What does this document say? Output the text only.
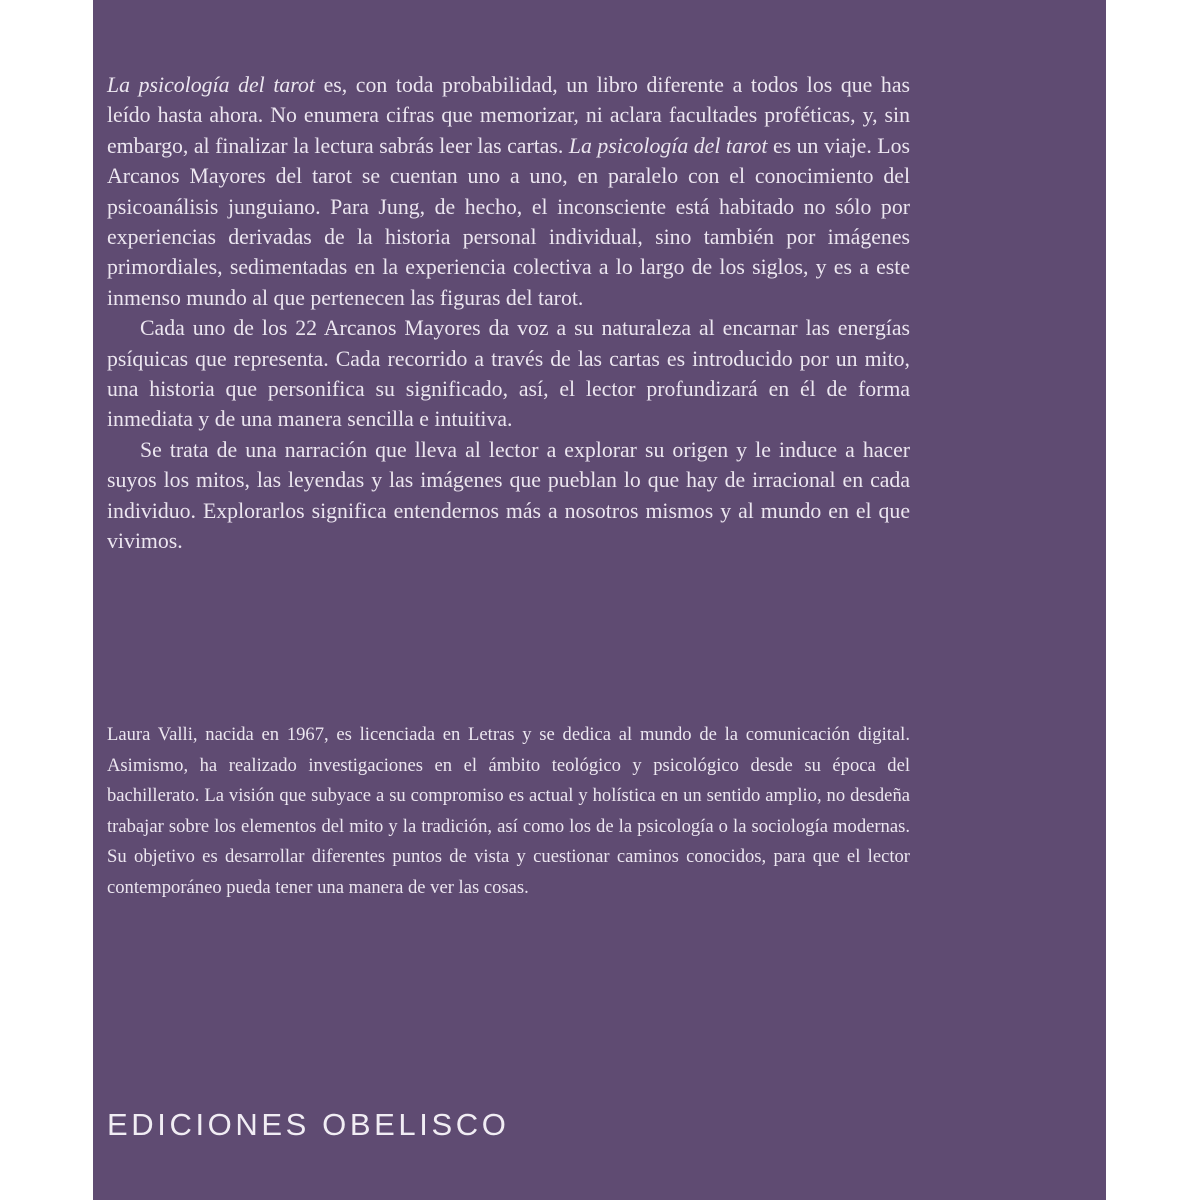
La psicología del tarot es, con toda probabilidad, un libro diferente a todos los que has leído hasta ahora. No enumera cifras que memorizar, ni aclara facultades proféticas, y, sin embargo, al finalizar la lectura sabrás leer las cartas. La psicología del tarot es un viaje. Los Arcanos Mayores del tarot se cuentan uno a uno, en paralelo con el conocimiento del psicoanálisis junguiano. Para Jung, de hecho, el inconsciente está habitado no sólo por experiencias derivadas de la historia personal individual, sino también por imágenes primordiales, sedimentadas en la experiencia colectiva a lo largo de los siglos, y es a este inmenso mundo al que pertenecen las figuras del tarot.

Cada uno de los 22 Arcanos Mayores da voz a su naturaleza al encarnar las energías psíquicas que representa. Cada recorrido a través de las cartas es introducido por un mito, una historia que personifica su significado, así, el lector profundizará en él de forma inmediata y de una manera sencilla e intuitiva.

Se trata de una narración que lleva al lector a explorar su origen y le induce a hacer suyos los mitos, las leyendas y las imágenes que pueblan lo que hay de irracional en cada individuo. Explorarlos significa entendernos más a nosotros mismos y al mundo en el que vivimos.

Laura Valli, nacida en 1967, es licenciada en Letras y se dedica al mundo de la comunicación digital. Asimismo, ha realizado investigaciones en el ámbito teológico y psicológico desde su época del bachillerato. La visión que subyace a su compromiso es actual y holística en un sentido amplio, no desdeña trabajar sobre los elementos del mito y la tradición, así como los de la psicología o la sociología modernas. Su objetivo es desarrollar diferentes puntos de vista y cuestionar caminos conocidos, para que el lector contemporáneo pueda tener una manera de ver las cosas.

EDICIONES OBELISCO
